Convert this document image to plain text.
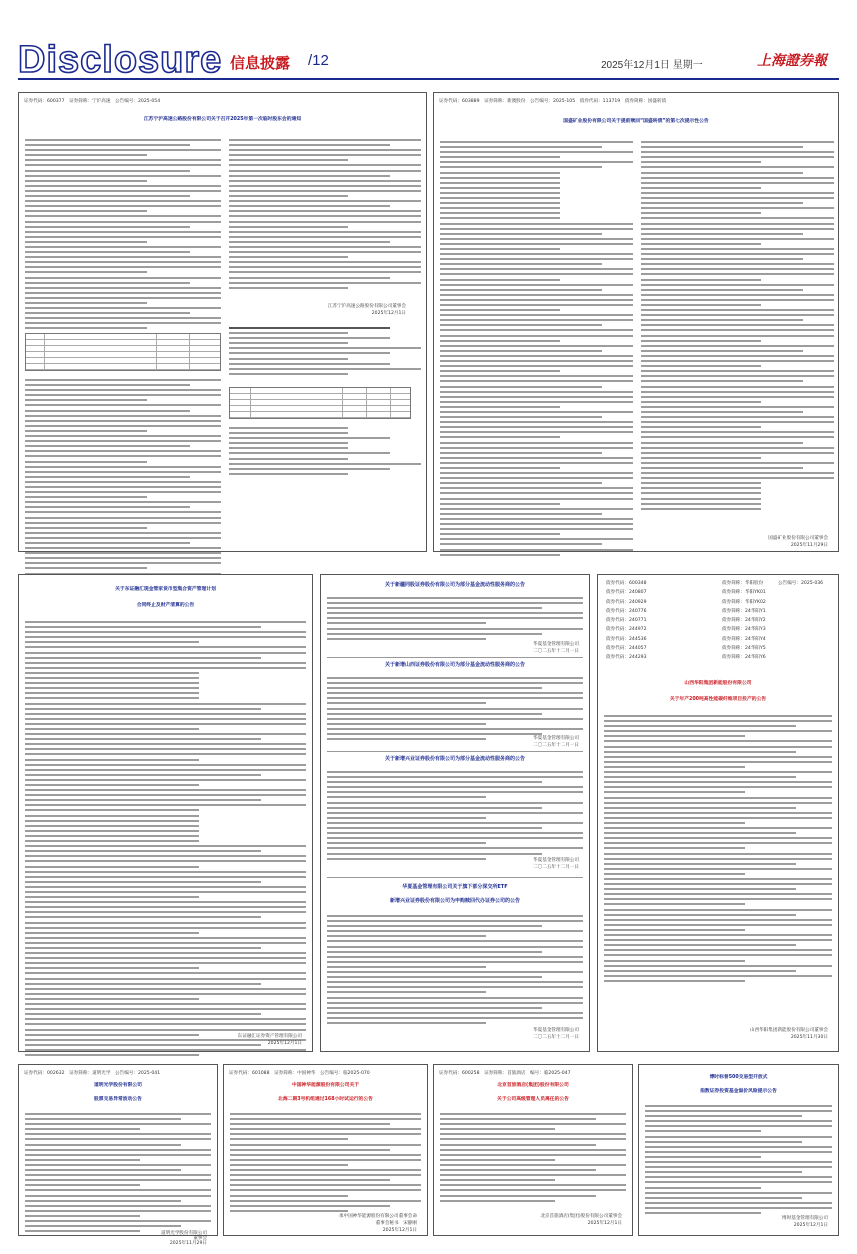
Disclosure 信息披露 /12	2025年12月1日 星期一	上海證券報
证券代码：600377　证券简称：宁沪高速　公告编号：2025-054
江苏宁沪高速公路股份有限公司关于召开2025年第一次临时股东会的通知
江苏宁沪高速公路股份有限公司董事会
2025年12月1日
证券代码：603889　证券简称：新澳股份　公告编号：2025-105　债券代码：113719　债券简称：国盛转债
国盛矿业股份有限公司关于提前赎回“国盛转债”的第七次提示性公告
国盛矿业股份有限公司董事会
2025年11月29日
关于东证融汇现金管家货币型集合资产管理计划
合同终止及财产清算的公告
东证融汇证券资产管理有限公司
2025年12月1日
关于新疆同股证券股份有限公司为部分基金流动性服务商的公告
华夏基金管理有限公司
二〇二五年十二月一日
关于新增山西证券股份有限公司为部分基金流动性服务商的公告
华夏基金管理有限公司
二〇二五年十二月一日
关于新增兴业证券股份有限公司为部分基金流动性服务商的公告
华夏基金管理有限公司
二〇二五年十二月一日
华夏基金管理有限公司关于旗下部分深交所ETF
新增兴业证券股份有限公司为申购赎回代办证券公司的公告
华夏基金管理有限公司
二〇二五年十二月一日
债券代码：600348	债券简称：华阳股份
债券代码：240807	债券简称：华阳YK01
债券代码：240929	债券简称：华阳YK02
债券代码：240776	债券简称：24华阳Y1
债券代码：240771	债券简称：24华阳Y2
债券代码：244972	债券简称：24华阳Y3
债券代码：244536	债券简称：24华阳Y4
债券代码：244057	债券简称：24华阳Y5
债券代码：244293	债券简称：24华阳Y6
公告编号：2025-036
山西华阳集团新能股份有限公司
关于年产200吨高性能碳纤维项目投产的公告
山西华阳集团新能股份有限公司董事会
2025年11月30日
证券代码：002632　证券简称：道明光学　公告编号：2025-041
道明光学股份有限公司
股票交易异常波动公告
道明光学股份有限公司
董事会
2025年11月29日
证券代码：601088　证券简称：中国神华　公告编号：临2025-070
中国神华能源股份有限公司关于
北海二期3号机组通过168小时试运行的公告
承中国神华能源股份有限公司董事会命
董事会秘书　宋静刚
2025年12月1日
证券代码：600258　证券简称：首旅酒店　编号：临2025-047
北京首旅酒店(集团)股份有限公司
关于公司高级管理人员离任的公告
北京首旅酒店(集团)股份有限公司董事会
2025年12月1日
博时标普500交易型开放式
指数证券投资基金溢价风险提示公告
博时基金管理有限公司
2025年12月1日
